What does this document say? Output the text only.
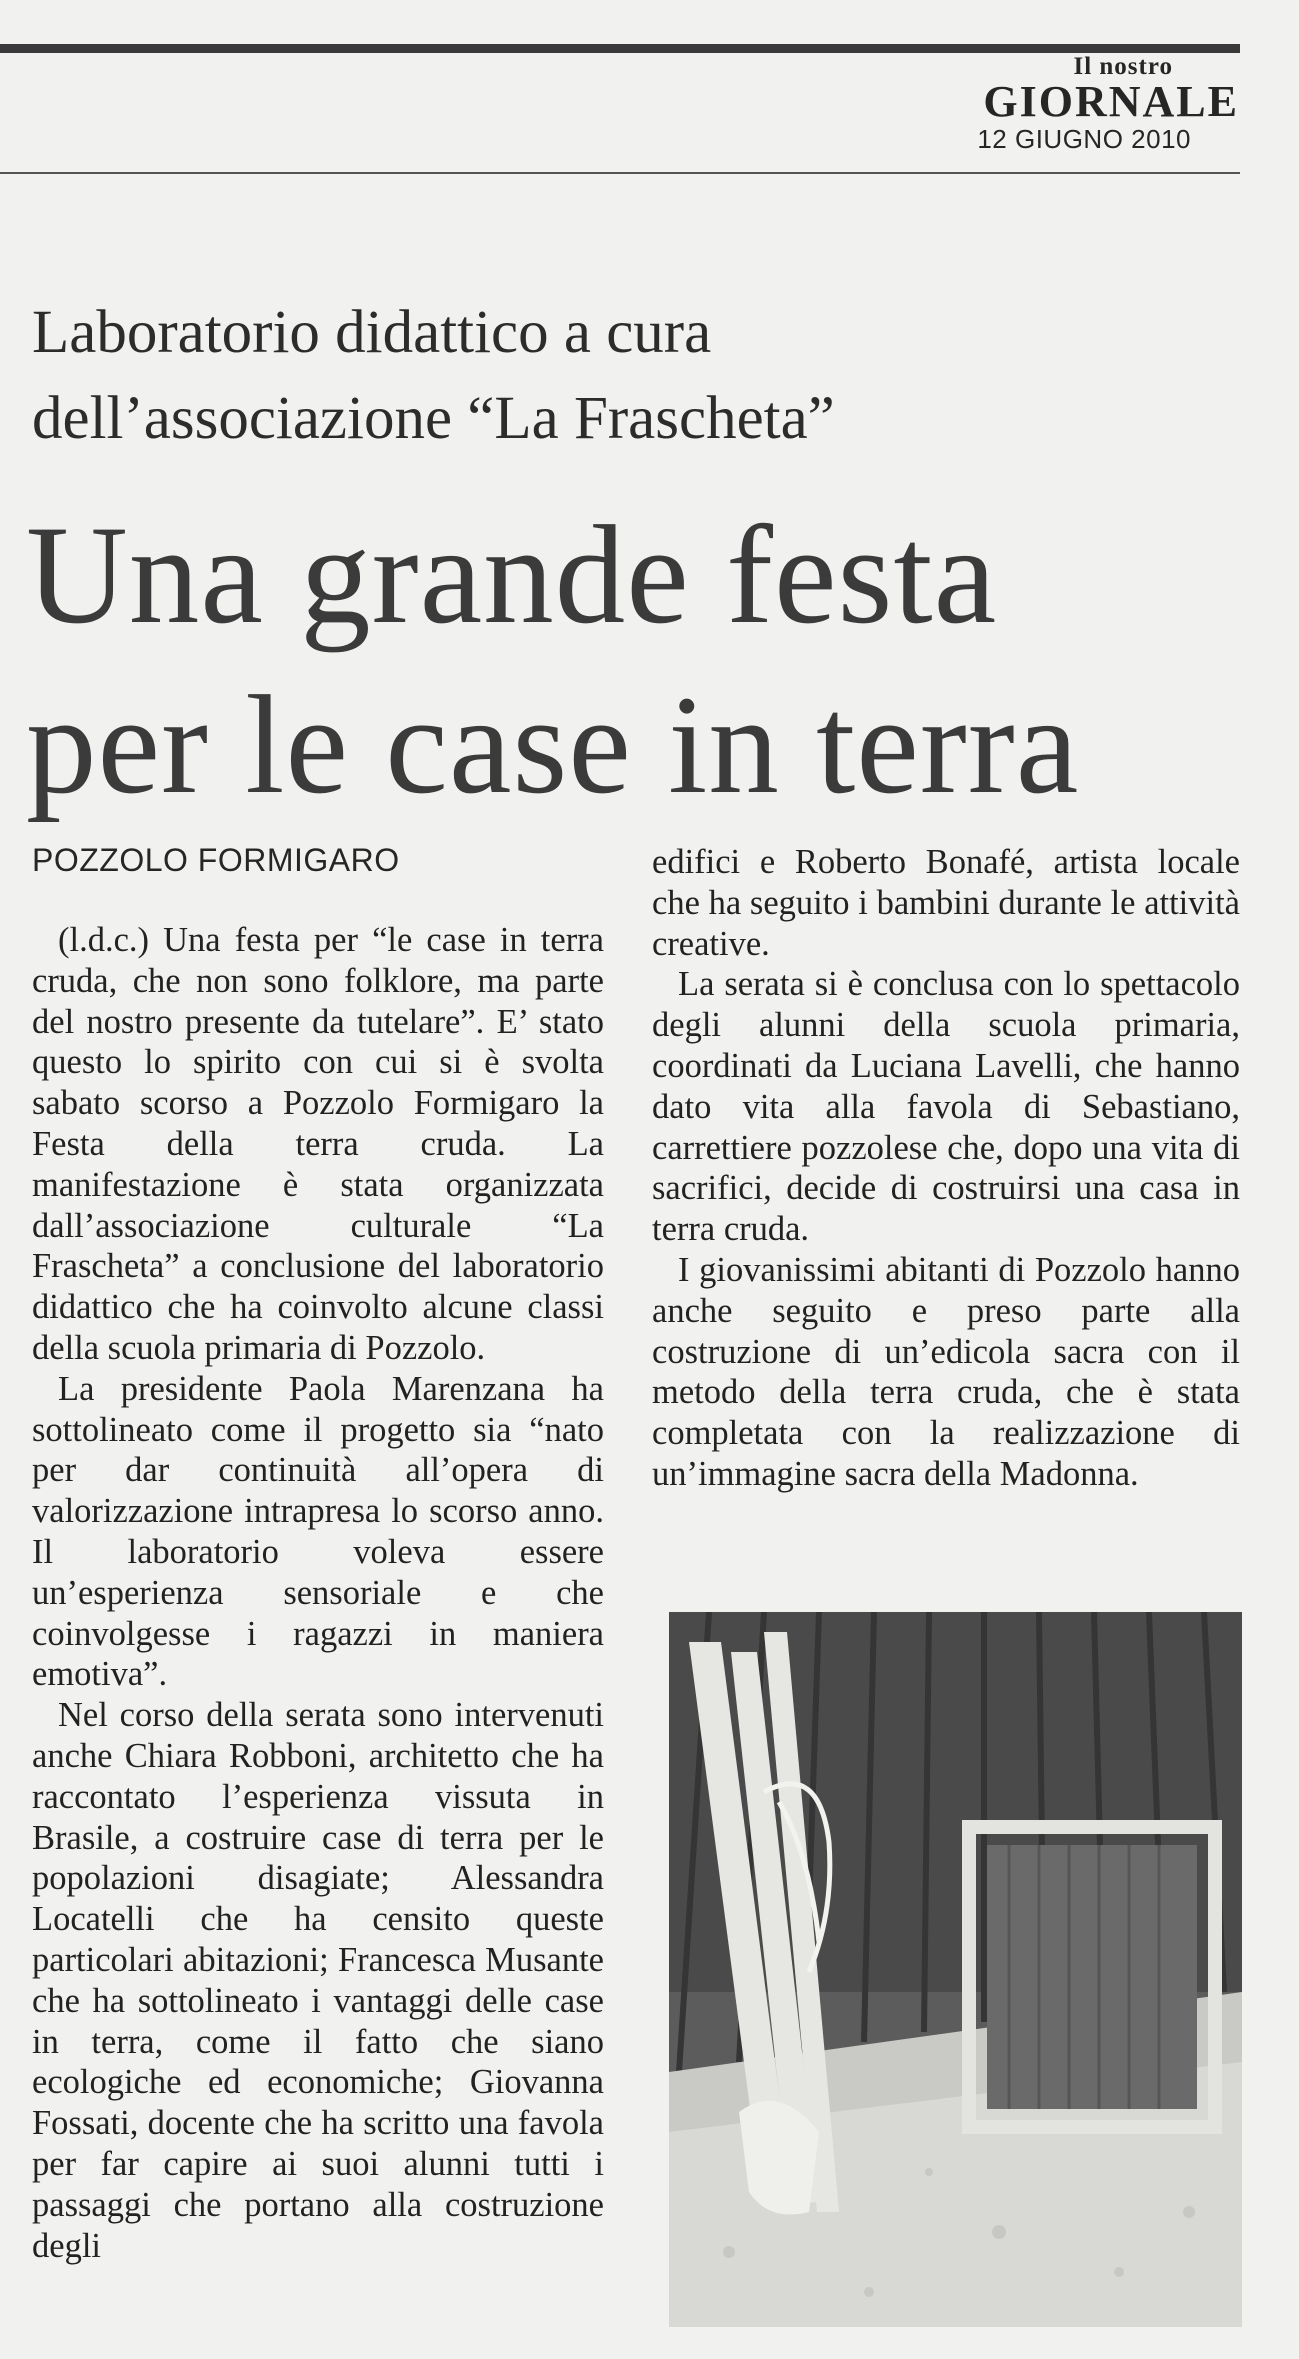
Il nostro
GIORNALE
12 GIUGNO 2010
Laboratorio didattico a cura
dell’associazione “La Frascheta”
Una grande festa
per le case in terra
POZZOLO FORMIGARO

(l.d.c.) Una festa per “le case in terra cruda, che non sono folklore, ma parte del nostro presente da tutelare”. E’ stato questo lo spirito con cui si è svolta sabato scorso a Pozzolo Formigaro la Festa della terra cruda. La manifestazione è stata organizzata dall’associazione culturale “La Frascheta” a conclusione del laboratorio didattico che ha coinvolto alcune classi della scuola primaria di Pozzolo.

La presidente Paola Marenzana ha sottolineato come il progetto sia “nato per dar continuità all’opera di valorizzazione intrapresa lo scorso anno. Il laboratorio voleva essere un’esperienza sensoriale e che coinvolgesse i ragazzi in maniera emotiva”.

Nel corso della serata sono intervenuti anche Chiara Robboni, architetto che ha raccontato l’esperienza vissuta in Brasile, a costruire case di terra per le popolazioni disagiate; Alessandra Locatelli che ha censito queste particolari abitazioni; Francesca Musante che ha sottolineato i vantaggi delle case in terra, come il fatto che siano ecologiche ed economiche; Giovanna Fossati, docente che ha scritto una favola per far capire ai suoi alunni tutti i passaggi che portano alla costruzione degli

edifici e Roberto Bonafé, artista locale che ha seguito i bambini durante le attività creative.

La serata si è conclusa con lo spettacolo degli alunni della scuola primaria, coordinati da Luciana Lavelli, che hanno dato vita alla favola di Sebastiano, carrettiere pozzolese che, dopo una vita di sacrifici, decide di costruirsi una casa in terra cruda.

I giovanissimi abitanti di Pozzolo hanno anche seguito e preso parte alla costruzione di un’edicola sacra con il metodo della terra cruda, che è stata completata con la realizzazione di un’immagine sacra della Madonna.
